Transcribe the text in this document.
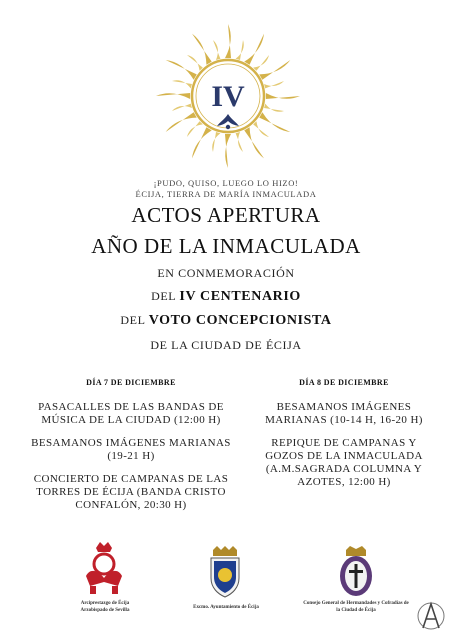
IV
¡PUDO, QUISO, LUEGO LO HIZO!
ÉCIJA, TIERRA DE MARÍA INMACULADA
ACTOS APERTURA
AÑO DE LA INMACULADA
EN CONMEMORACIÓN
DEL IV CENTENARIO
DEL VOTO CONCEPCIONISTA
DE LA CIUDAD DE ÉCIJA
DÍA 7 DE DICIEMBRE
PASACALLES DE LAS BANDAS DE MÚSICA DE LA CIUDAD (12:00 H)
BESAMANOS IMÁGENES MARIANAS (19-21 H)
CONCIERTO DE CAMPANAS DE LAS TORRES DE ÉCIJA (BANDA CRISTO CONFALÓN, 20:30 H)
DÍA 8 DE DICIEMBRE
BESAMANOS IMÁGENES MARIANAS (10-14 H, 16-20 H)
REPIQUE DE CAMPANAS Y GOZOS DE LA INMACULADA (A.M.SAGRADA COLUMNA Y AZOTES, 12:00 H)
Arciprestazgo de Écija
Arzobispado de Sevilla
Excmo. Ayuntamiento de Écija
Consejo General de Hermandades y Cofradías de
la Ciudad de Écija
